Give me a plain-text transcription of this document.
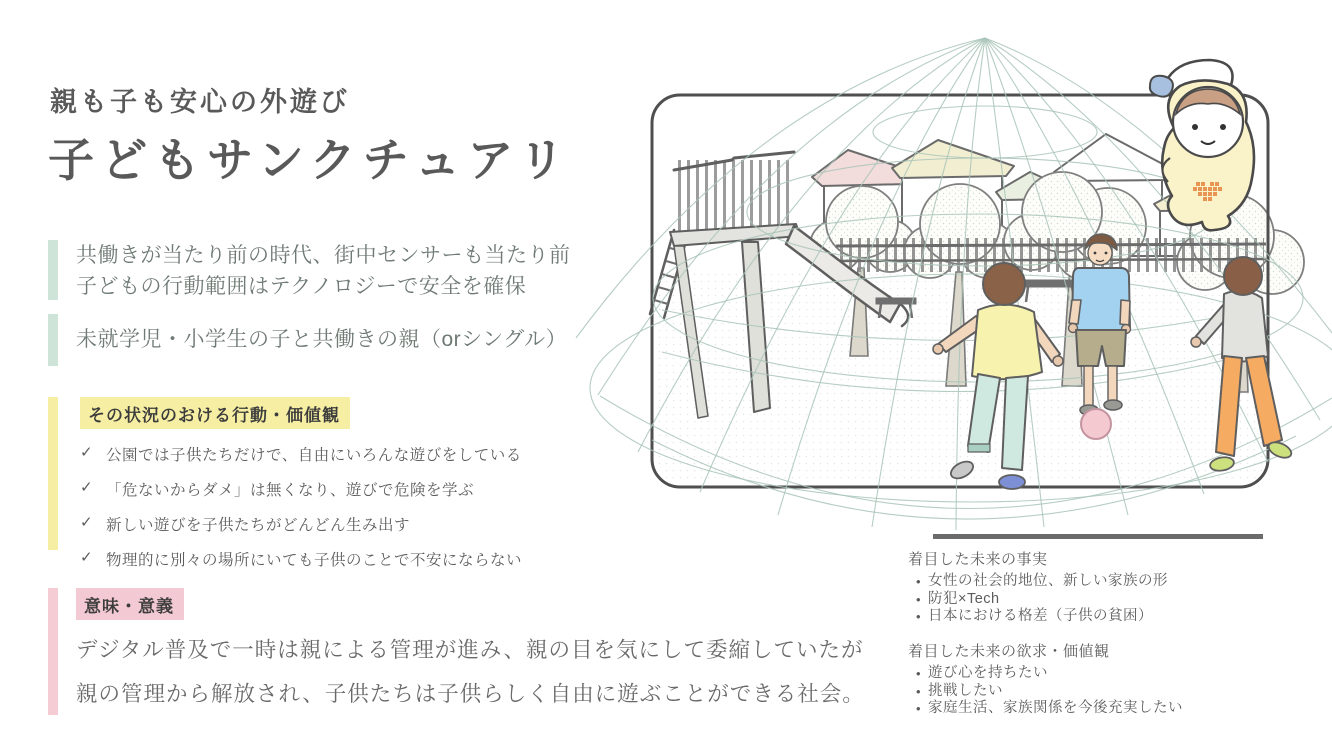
親も子も安心の外遊び
子どもサンクチュアリ
共働きが当たり前の時代、街中センサーも当たり前
子どもの行動範囲はテクノロジーで安全を確保
未就学児・小学生の子と共働きの親（orシングル）
その状況のおける行動・価値観
✓ 公園では子供たちだけで、自由にいろんな遊びをしている
✓ 「危ないからダメ」は無くなり、遊びで危険を学ぶ
✓ 新しい遊びを子供たちがどんどん生み出す
✓ 物理的に別々の場所にいても子供のことで不安にならない
意味・意義
デジタル普及で一時は親による管理が進み、親の目を気にして委縮していたが
親の管理から解放され、子供たちは子供らしく自由に遊ぶことができる社会。
着目した未来の事実
• 女性の社会的地位、新しい家族の形
• 防犯×Tech
• 日本における格差（子供の貧困）
着目した未来の欲求・価値観
• 遊び心を持ちたい
• 挑戦したい
• 家庭生活、家族関係を今後充実したい
